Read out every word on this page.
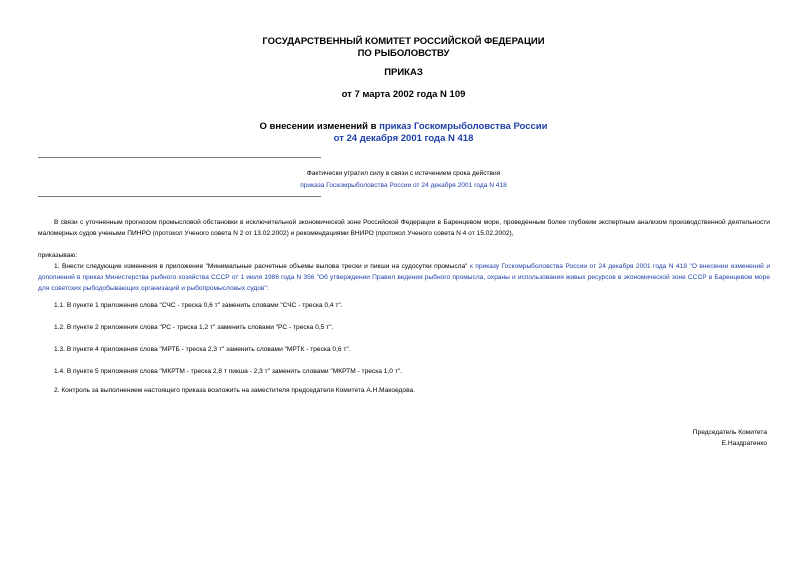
ГОСУДАРСТВЕННЫЙ КОМИТЕТ РОССИЙСКОЙ ФЕДЕРАЦИИ
ПО РЫБОЛОВСТВУ
ПРИКАЗ
от 7 марта 2002 года N 109
О внесении изменений в приказ Госкомрыболовства России
от 24 декабря 2001 года N 418
Фактически утратил силу в связи с истечением срока действия
приказа Госкомрыболовства России от 24 декабря 2001 года N 418
В связи с уточненным прогнозом промысловой обстановки в исключительной экономической зоне Российской Федерации в Баренцевом море, проведенным более глубоким экспертным анализом производственной деятельности маломерных судов учеными ПИНРО (протокол Ученого совета N 2 от 13.02.2002) и рекомендациями ВНИРО (протокол Ученого совета N 4 от 15.02.2002),
приказываю:
1. Внести следующие изменения в приложение "Минимальные расчетные объемы вылова трески и пикши на судосутки промысла" к приказу Госкомрыболовства России от 24 декабря 2001 года N 418 "О внесении изменений и дополнений в приказ Министерства рыбного хозяйства СССР от 1 июля 1986 года N 356 "Об утверждении Правил ведения рыбного промысла, охраны и использования живых ресурсов в экономической зоне СССР в Баренцевом море для советских рыбодобывающих организаций и рыбопромысловых судов":
1.1. В пункте 1 приложения слова "СЧС - треска 0,6 т" заменить словами "СЧС - треска 0,4 т".
1.2. В пункте 2 приложения слова "РС - треска 1,2 т" заменить словами "РС - треска 0,5 т".
1.3. В пункте 4 приложения слова "МРТБ - треска 2,3 т" заменить словами "МРТК - треска 0,6 т".
1.4. В пункте 5 приложения слова "МКРТМ - треска 2,8 т пикша - 2,3 т" заменить словами "МКРТМ - треска 1,0 т".
2. Контроль за выполнением настоящего приказа возложить на заместителя председателя Комитета А.Н.Макоедова.
Председатель Комитета
Е.Наздратенко
